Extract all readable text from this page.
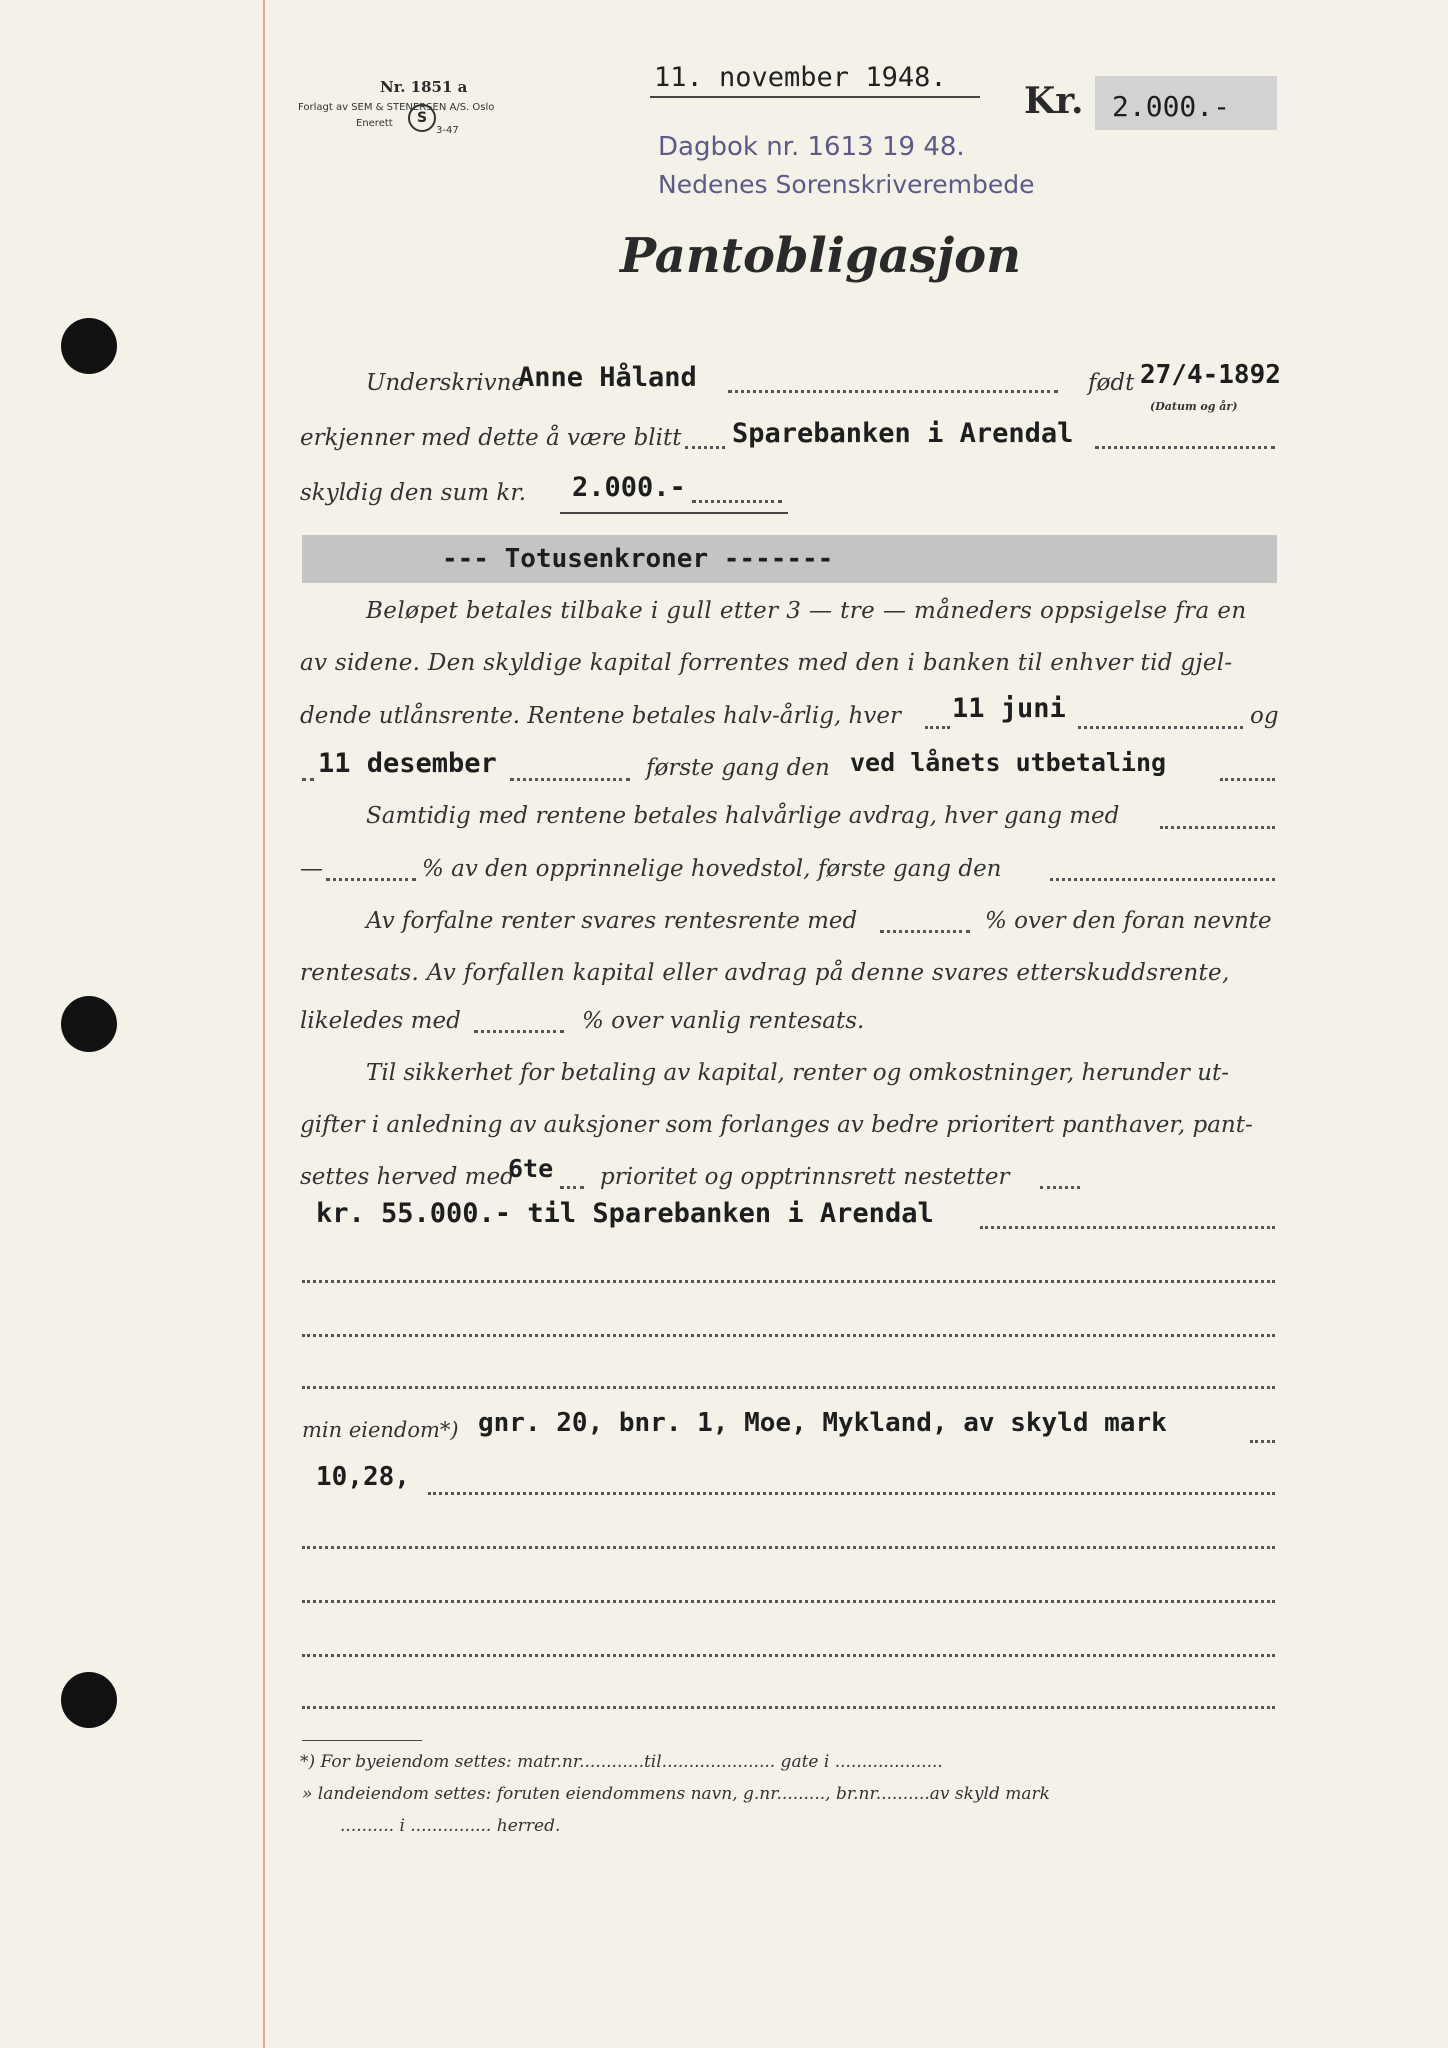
Nr. 1851 a
Forlagt av SEM & STENERSEN A/S. Oslo
Enerett	S
3-47
11. november 1948.
Kr. 2.000.-
Dagbok nr. 1613 19 48.
Nedenes Sorenskriverembede
Pantobligasjon
Underskrivne
Anne Håland	født 27/4-1892
(Datum og år)
erkjenner med dette å være blitt Sparebanken i Arendal
skyldig den sum kr. 2.000.-
--- Totusenkroner -------
Beløpet betales tilbake i gull etter 3 — tre — måneders oppsigelse fra en
av sidene. Den skyldige kapital forrentes med den i banken til enhver tid gjel-
dende utlånsrente. Rentene betales halv-årlig, hver 11 juni	og
11 desember	første gang den ved lånets utbetaling
Samtidig med rentene betales halvårlige avdrag, hver gang med
—	% av den opprinnelige hovedstol, første gang den
Av forfalne renter svares rentesrente med	% over den foran nevnte
rentesats. Av forfallen kapital eller avdrag på denne svares etterskuddsrente,
likeledes med	% over vanlig rentesats.
Til sikkerhet for betaling av kapital, renter og omkostninger, herunder ut-
gifter i anledning av auksjoner som forlanges av bedre prioritert panthaver, pant-
settes herved med
6te prioritet og opptrinnsrett nestetter
kr. 55.000.- til Sparebanken i Arendal
min eiendom*) gnr. 20, bnr. 1, Moe, Mykland, av skyld mark
10,28,
*) For byeiendom settes: matr.nr............til..................... gate i ....................
» landeiendom settes: foruten eiendommens navn, g.nr........., br.nr..........av skyld mark
.......... i ............... herred.
